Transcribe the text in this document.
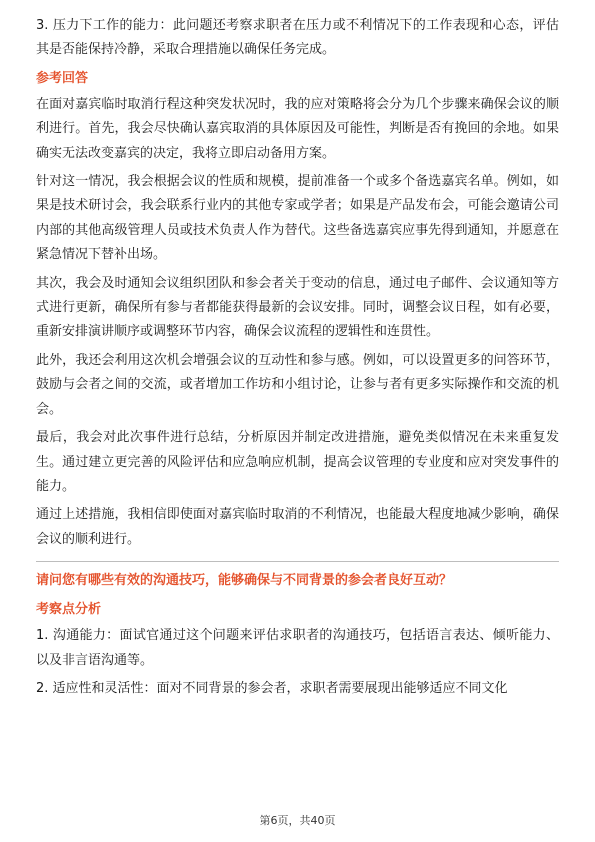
3. 压力下工作的能力：此问题还考察求职者在压力或不利情况下的工作表现和心态，评估其是否能保持冷静，采取合理措施以确保任务完成。

参考回答

在面对嘉宾临时取消行程这种突发状况时，我的应对策略将会分为几个步骤来确保会议的顺利进行。首先，我会尽快确认嘉宾取消的具体原因及可能性，判断是否有挽回的余地。如果确实无法改变嘉宾的决定，我将立即启动备用方案。

针对这一情况，我会根据会议的性质和规模，提前准备一个或多个备选嘉宾名单。例如，如果是技术研讨会，我会联系行业内的其他专家或学者；如果是产品发布会，可能会邀请公司内部的其他高级管理人员或技术负责人作为替代。这些备选嘉宾应事先得到通知，并愿意在紧急情况下替补出场。

其次，我会及时通知会议组织团队和参会者关于变动的信息，通过电子邮件、会议通知等方式进行更新，确保所有参与者都能获得最新的会议安排。同时，调整会议日程，如有必要，重新安排演讲顺序或调整环节内容，确保会议流程的逻辑性和连贯性。

此外，我还会利用这次机会增强会议的互动性和参与感。例如，可以设置更多的问答环节，鼓励与会者之间的交流，或者增加工作坊和小组讨论，让参与者有更多实际操作和交流的机会。

最后，我会对此次事件进行总结，分析原因并制定改进措施，避免类似情况在未来重复发生。通过建立更完善的风险评估和应急响应机制，提高会议管理的专业度和应对突发事件的能力。

通过上述措施，我相信即使面对嘉宾临时取消的不利情况，也能最大程度地减少影响，确保会议的顺利进行。

请问您有哪些有效的沟通技巧，能够确保与不同背景的参会者良好互动？
考察点分析

1. 沟通能力：面试官通过这个问题来评估求职者的沟通技巧，包括语言表达、倾听能力、以及非言语沟通等。

2. 适应性和灵活性：面对不同背景的参会者，求职者需要展现出能够适应不同文化

第6页，共40页
